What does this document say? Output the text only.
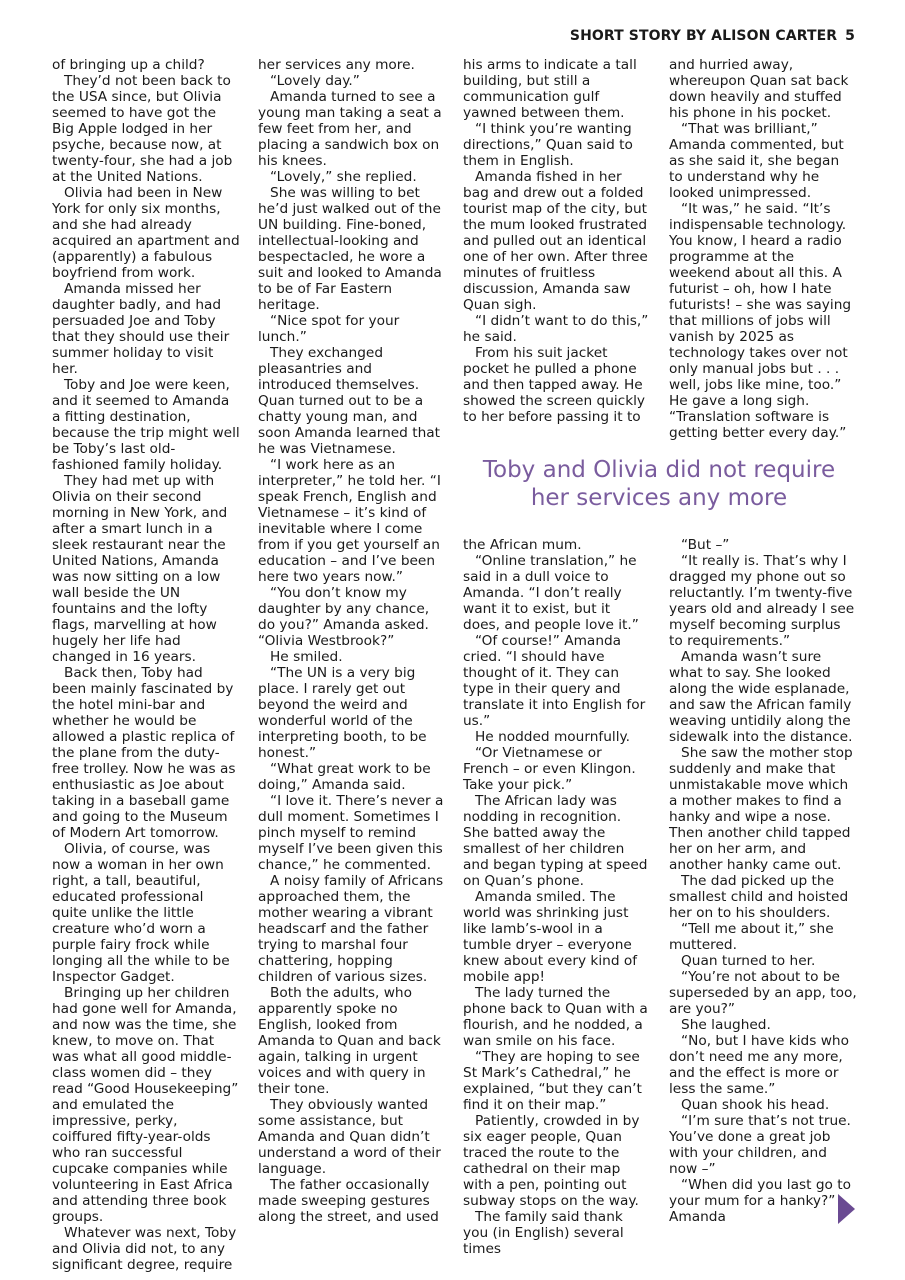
SHORT STORY BY ALISON CARTER 5

of bringing up a child?

They’d not been back to the USA since, but Olivia seemed to have got the Big Apple lodged in her psyche, because now, at twenty-four, she had a job at the United Nations.

Olivia had been in New York for only six months, and she had already acquired an apartment and (apparently) a fabulous boyfriend from work.

Amanda missed her daughter badly, and had persuaded Joe and Toby that they should use their summer holiday to visit her.

Toby and Joe were keen, and it seemed to Amanda a fitting destination, because the trip might well be Toby’s last old-fashioned family holiday.

They had met up with Olivia on their second morning in New York, and after a smart lunch in a sleek restaurant near the United Nations, Amanda was now sitting on a low wall beside the UN fountains and the lofty flags, marvelling at how hugely her life had changed in 16 years.

Back then, Toby had been mainly fascinated by the hotel mini-bar and whether he would be allowed a plastic replica of the plane from the duty-free trolley. Now he was as enthusiastic as Joe about taking in a baseball game and going to the Museum of Modern Art tomorrow.

Olivia, of course, was now a woman in her own right, a tall, beautiful, educated professional quite unlike the little creature who’d worn a purple fairy frock while longing all the while to be Inspector Gadget.

Bringing up her children had gone well for Amanda, and now was the time, she knew, to move on. That was what all good middle-class women did – they read “Good Housekeeping” and emulated the impressive, perky, coiffured fifty-year-olds who ran successful cupcake companies while volunteering in East Africa and attending three book groups.

Whatever was next, Toby and Olivia did not, to any significant degree, require

her services any more.

“Lovely day.”

Amanda turned to see a young man taking a seat a few feet from her, and placing a sandwich box on his knees.

“Lovely,” she replied.

She was willing to bet he’d just walked out of the UN building. Fine-boned, intellectual-looking and bespectacled, he wore a suit and looked to Amanda to be of Far Eastern heritage.

“Nice spot for your lunch.”

They exchanged pleasantries and introduced themselves. Quan turned out to be a chatty young man, and soon Amanda learned that he was Vietnamese.

“I work here as an interpreter,” he told her. “I speak French, English and Vietnamese – it’s kind of inevitable where I come from if you get yourself an education – and I’ve been here two years now.”

“You don’t know my daughter by any chance, do you?” Amanda asked. “Olivia Westbrook?”

He smiled.

“The UN is a very big place. I rarely get out beyond the weird and wonderful world of the interpreting booth, to be honest.”

“What great work to be doing,” Amanda said.

“I love it. There’s never a dull moment. Sometimes I pinch myself to remind myself I’ve been given this chance,” he commented.

A noisy family of Africans approached them, the mother wearing a vibrant headscarf and the father trying to marshal four chattering, hopping children of various sizes.

Both the adults, who apparently spoke no English, looked from Amanda to Quan and back again, talking in urgent voices and with query in their tone.

They obviously wanted some assistance, but Amanda and Quan didn’t understand a word of their language.

The father occasionally made sweeping gestures along the street, and used

his arms to indicate a tall building, but still a communication gulf yawned between them.

“I think you’re wanting directions,” Quan said to them in English.

Amanda fished in her bag and drew out a folded tourist map of the city, but the mum looked frustrated and pulled out an identical one of her own. After three minutes of fruitless discussion, Amanda saw Quan sigh.

“I didn’t want to do this,” he said.

From his suit jacket pocket he pulled a phone and then tapped away. He showed the screen quickly to her before passing it to

and hurried away, whereupon Quan sat back down heavily and stuffed his phone in his pocket.

“That was brilliant,” Amanda commented, but as she said it, she began to understand why he looked unimpressed.

“It was,” he said. “It’s indispensable technology. You know, I heard a radio programme at the weekend about all this. A futurist – oh, how I hate futurists! – she was saying that millions of jobs will vanish by 2025 as technology takes over not only manual jobs but . . . well, jobs like mine, too.” He gave a long sigh. “Translation software is getting better every day.”

Toby and Olivia did not require
her services any more

the African mum.

“Online translation,” he said in a dull voice to Amanda. “I don’t really want it to exist, but it does, and people love it.”

“Of course!” Amanda cried. “I should have thought of it. They can type in their query and translate it into English for us.”

He nodded mournfully.

“Or Vietnamese or French – or even Klingon. Take your pick.”

The African lady was nodding in recognition. She batted away the smallest of her children and began typing at speed on Quan’s phone.

Amanda smiled. The world was shrinking just like lamb’s-wool in a tumble dryer – everyone knew about every kind of mobile app!

The lady turned the phone back to Quan with a flourish, and he nodded, a wan smile on his face.

“They are hoping to see St Mark’s Cathedral,” he explained, “but they can’t find it on their map.”

Patiently, crowded in by six eager people, Quan traced the route to the cathedral on their map with a pen, pointing out subway stops on the way.

The family said thank you (in English) several times

“But –”

“It really is. That’s why I dragged my phone out so reluctantly. I’m twenty-five years old and already I see myself becoming surplus to requirements.”

Amanda wasn’t sure what to say. She looked along the wide esplanade, and saw the African family weaving untidily along the sidewalk into the distance.

She saw the mother stop suddenly and make that unmistakable move which a mother makes to find a hanky and wipe a nose. Then another child tapped her on her arm, and another hanky came out.

The dad picked up the smallest child and hoisted her on to his shoulders.

“Tell me about it,” she muttered.

Quan turned to her.

“You’re not about to be superseded by an app, too, are you?”

She laughed.

“No, but I have kids who don’t need me any more, and the effect is more or less the same.”

Quan shook his head.

“I’m sure that’s not true. You’ve done a great job with your children, and now –”

“When did you last go to your mum for a hanky?” Amanda
